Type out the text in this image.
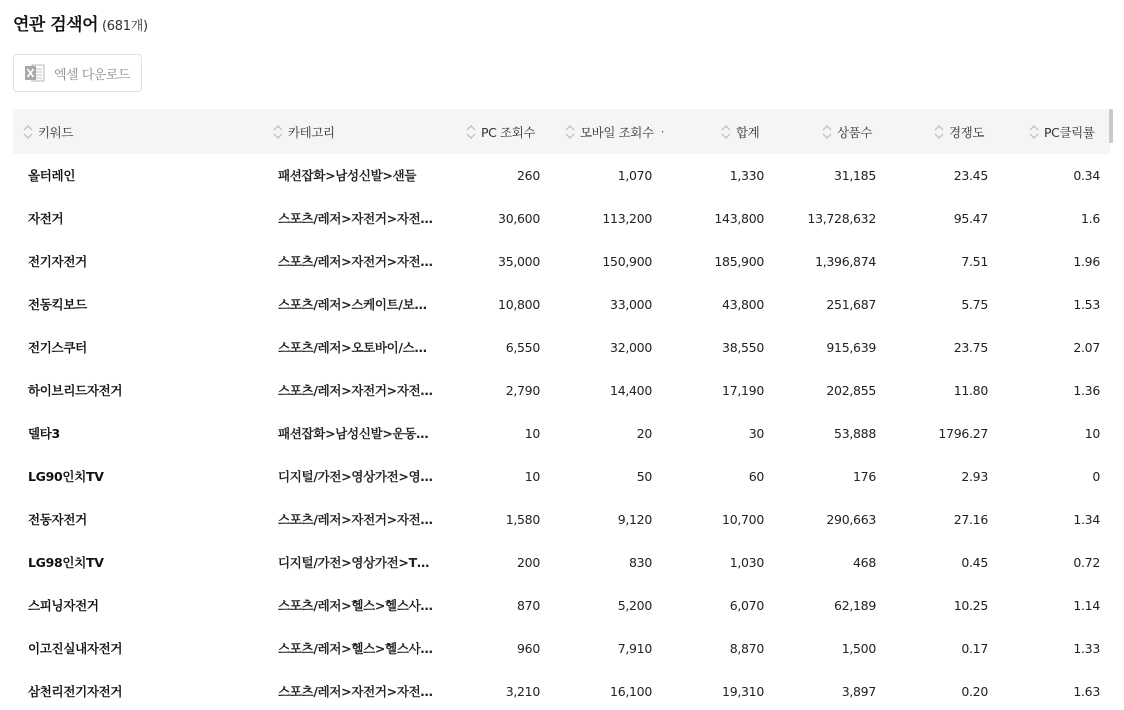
연관 검색어 (681개)
엑셀 다운로드
키워드	카테고리	PC 조회수	모바일 조회수 ·	합계	상품수	경쟁도	PC클릭률
올터레인	패션잡화>남성신발>샌들	260	1,070	1,330	31,185	23.45	0.34
자전거	스포츠/레저>자전거>자전…	30,600	113,200	143,800	13,728,632	95.47	1.6
전기자전거	스포츠/레저>자전거>자전…	35,000	150,900	185,900	1,396,874	7.51	1.96
전동킥보드	스포츠/레저>스케이트/보…	10,800	33,000	43,800	251,687	5.75	1.53
전기스쿠터	스포츠/레저>오토바이/스…	6,550	32,000	38,550	915,639	23.75	2.07
하이브리드자전거	스포츠/레저>자전거>자전…	2,790	14,400	17,190	202,855	11.80	1.36
델타3	패션잡화>남성신발>운동…	10	20	30	53,888	1796.27	10
LG90인치TV	디지털/가전>영상가전>영…	10	50	60	176	2.93	0
전동자전거	스포츠/레저>자전거>자전…	1,580	9,120	10,700	290,663	27.16	1.34
LG98인치TV	디지털/가전>영상가전>T…	200	830	1,030	468	0.45	0.72
스피닝자전거	스포츠/레저>헬스>헬스사…	870	5,200	6,070	62,189	10.25	1.14
이고진실내자전거	스포츠/레저>헬스>헬스사…	960	7,910	8,870	1,500	0.17	1.33
삼천리전기자전거	스포츠/레저>자전거>자전…	3,210	16,100	19,310	3,897	0.20	1.63
